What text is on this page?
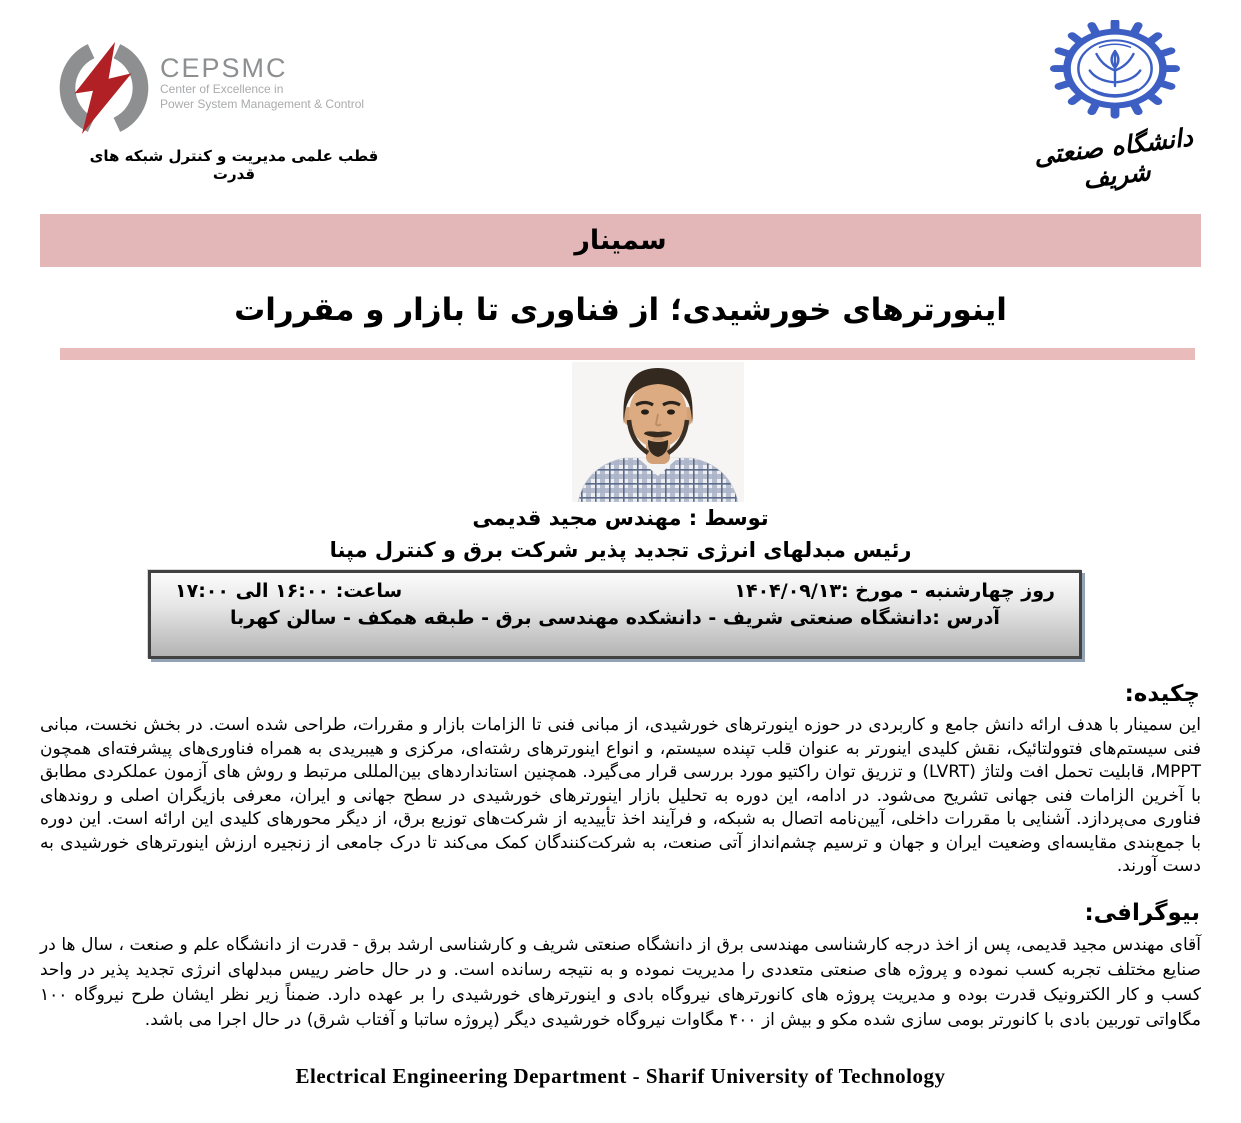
CEPSMC
Center of Excellence in
Power System Management & Control
قطب علمی مدیریت و کنترل شبکه های قدرت
دانشگاه صنعتی شریف
سمینار
اینورترهای خورشیدی؛ از فناوری تا بازار و مقررات
توسط : مهندس مجید قدیمی
رئیس مبدلهای انرژی تجدید پذیر شرکت برق و کنترل مپنا
روز چهارشنبه - مورخ :۱۴۰۴/۰۹/۱۳
ساعت: ۱۶:۰۰ الی ۱۷:۰۰
آدرس :دانشگاه صنعتی شریف - دانشکده مهندسی برق - طبقه همکف - سالن کهربا
چکیده:
این سمینار با هدف ارائه دانش جامع و کاربردی در حوزه اینورترهای خورشیدی، از مبانی فنی تا الزامات بازار و مقررات، طراحی شده است. در بخش نخست، مبانی فنی سیستم‌های فتوولتائیک، نقش کلیدی اینورتر به عنوان قلب تپنده سیستم، و انواع اینورترهای رشته‌ای، مرکزی و هیبریدی به همراه فناوری‌های پیشرفته‌ای همچون MPPT، قابلیت تحمل افت ولتاژ (LVRT) و تزریق توان راکتیو مورد بررسی قرار می‌گیرد. همچنین استانداردهای بین‌المللی مرتبط و روش های آزمون عملکردی مطابق با آخرین الزامات فنی جهانی تشریح می‌شود. در ادامه، این دوره به تحلیل بازار اینورترهای خورشیدی در سطح جهانی و ایران، معرفی بازیگران اصلی و روندهای فناوری می‌پردازد. آشنایی با مقررات داخلی، آیین‌نامه اتصال به شبکه، و فرآیند اخذ تأییدیه از شرکت‌های توزیع برق، از دیگر محورهای کلیدی این ارائه است. این دوره با جمع‌بندی مقایسه‌ای وضعیت ایران و جهان و ترسیم چشم‌انداز آتی صنعت، به شرکت‌کنندگان کمک می‌کند تا درک جامعی از زنجیره ارزش اینورترهای خورشیدی به دست آورند.
بیوگرافی:
آقای مهندس مجید قدیمی، پس از اخذ درجه کارشناسی مهندسی برق از دانشگاه صنعتی شریف و کارشناسی ارشد برق - قدرت از دانشگاه علم و صنعت ، سال ها در صنایع مختلف تجربه کسب نموده و پروژه های صنعتی متعددی را مدیریت نموده و به نتیجه رسانده است. و در حال حاضر رییس مبدلهای انرژی تجدید پذیر در واحد کسب و کار الکترونیک قدرت بوده و مدیریت پروژه های کانورترهای نیروگاه بادی و اینورترهای خورشیدی را بر عهده دارد. ضمناً زیر نظر ایشان طرح نیروگاه ۱۰۰ مگاواتی توربین بادی با کانورتر بومی سازی شده مکو و بیش از ۴۰۰ مگاوات نیروگاه خورشیدی دیگر (پروژه ساتبا و آفتاب شرق) در حال اجرا می باشد.
Electrical Engineering Department - Sharif University of Technology
